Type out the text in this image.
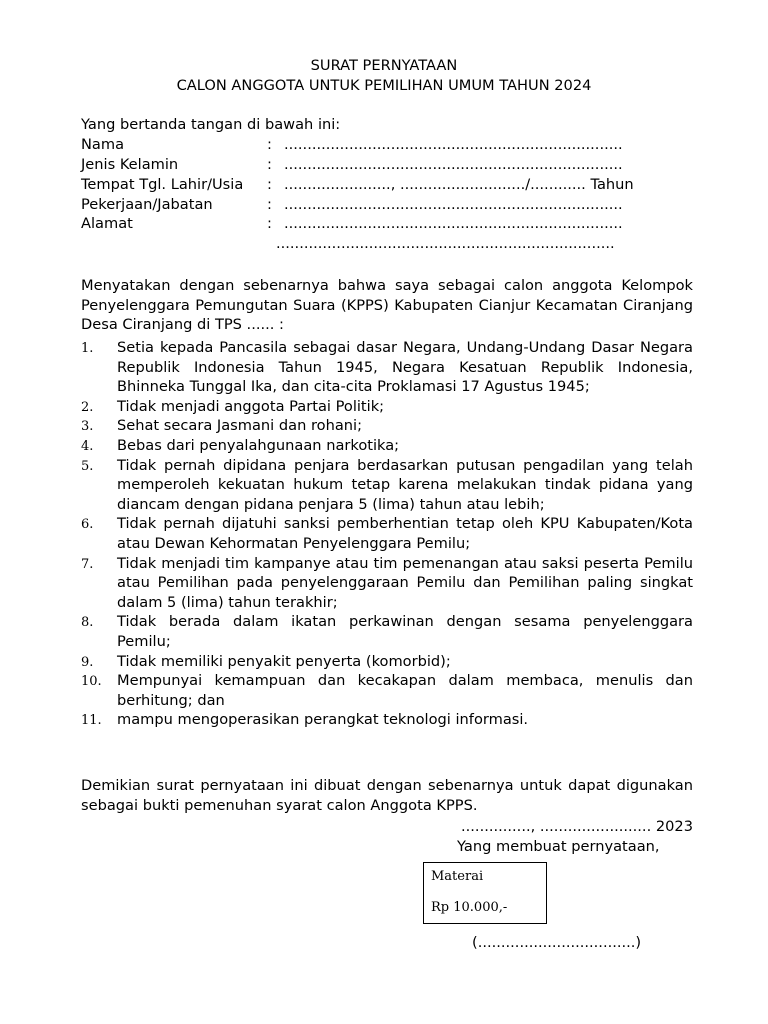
SURAT PERNYATAAN
CALON ANGGOTA UNTUK PEMILIHAN UMUM TAHUN 2024
Yang bertanda tangan di bawah ini:
Nama	: .........................................................................
Jenis Kelamin	: .........................................................................
Tempat Tgl. Lahir/Usia : ......................., .........................../............ Tahun
Pekerjaan/Jabatan	: .........................................................................
Alamat	: .........................................................................
.........................................................................

Menyatakan dengan sebenarnya bahwa saya sebagai calon anggota Kelompok Penyelenggara Pemungutan Suara (KPPS) Kabupaten Cianjur Kecamatan Ciranjang Desa Ciranjang di TPS ...... :

1. Setia kepada Pancasila sebagai dasar Negara, Undang-Undang Dasar Negara Republik Indonesia Tahun 1945, Negara Kesatuan Republik Indonesia, Bhinneka Tunggal Ika, dan cita-cita Proklamasi 17 Agustus 1945;
2. Tidak menjadi anggota Partai Politik;
3. Sehat secara Jasmani dan rohani;
4. Bebas dari penyalahgunaan narkotika;
5. Tidak pernah dipidana penjara berdasarkan putusan pengadilan yang telah memperoleh kekuatan hukum tetap karena melakukan tindak pidana yang diancam dengan pidana penjara 5 (lima) tahun atau lebih;
6. Tidak pernah dijatuhi sanksi pemberhentian tetap oleh KPU Kabupaten/Kota atau Dewan Kehormatan Penyelenggara Pemilu;
7. Tidak menjadi tim kampanye atau tim pemenangan atau saksi peserta Pemilu atau Pemilihan pada penyelenggaraan Pemilu dan Pemilihan paling singkat dalam 5 (lima) tahun terakhir;
8. Tidak berada dalam ikatan perkawinan dengan sesama penyelenggara Pemilu;
9. Tidak memiliki penyakit penyerta (komorbid);
10. Mempunyai kemampuan dan kecakapan dalam membaca, menulis dan berhitung; dan
11. mampu mengoperasikan perangkat teknologi informasi.

Demikian surat pernyataan ini dibuat dengan sebenarnya untuk dapat digunakan sebagai bukti pemenuhan syarat calon Anggota KPPS.

..............., ........................ 2023
Yang membuat pernyataan,
Materai
Rp 10.000,-
(..................................)
